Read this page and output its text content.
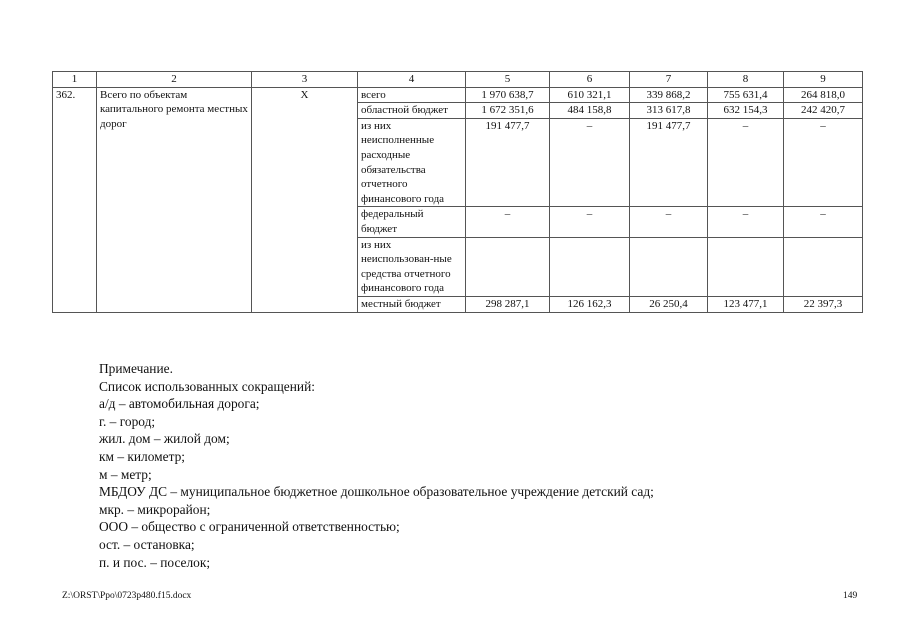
1	2	3	4	5	6	7	8	9
362.	Всего по объектам капитального ремонта местных дорог	Х	всего	1 970 638,7	610 321,1	339 868,2	755 631,4	264 818,0
			областной бюджет	1 672 351,6	484 158,8	313 617,8	632 154,3	242 420,7
			из них неисполненные расходные обязательства отчетного финансового года	191 477,7	–	191 477,7	–	–
			федеральный бюджет	–	–	–	–	–
			из них неиспользован-ные средства отчетного финансового года					
			местный бюджет	298 287,1	126 162,3	26 250,4	123 477,1	22 397,3
Примечание.
Список использованных сокращений:
а/д – автомобильная дорога;
г. – город;
жил. дом – жилой дом;
км – километр;
м – метр;
МБДОУ ДС – муниципальное бюджетное дошкольное образовательное учреждение детский сад;
мкр. – микрорайон;
ООО – общество с ограниченной ответственностью;
ост. – остановка;
п. и пос. – поселок;
Z:\ORST\Ppo\0723p480.f15.docx	149
